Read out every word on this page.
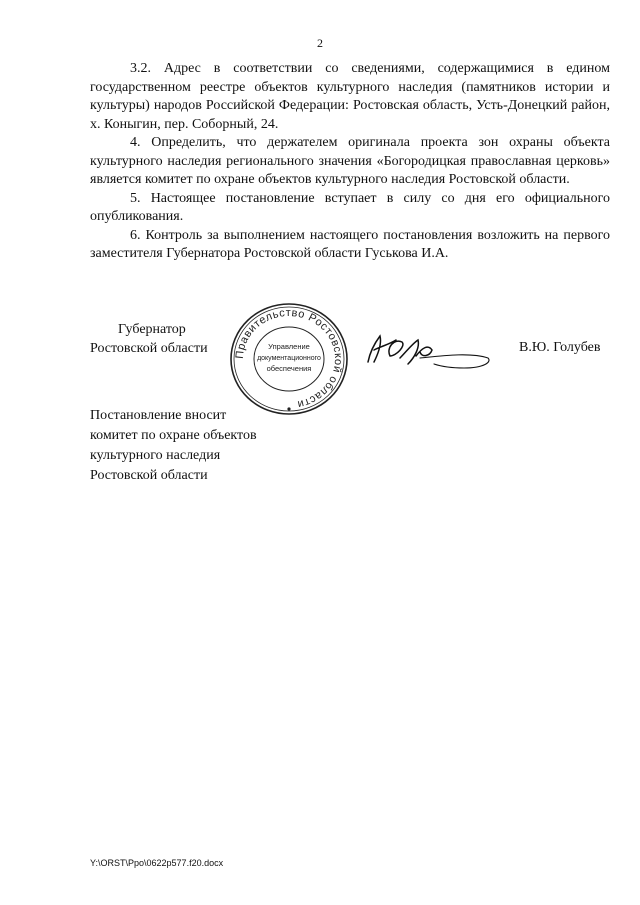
2

3.2. Адрес в соответствии со сведениями, содержащимися в едином государственном реестре объектов культурного наследия (памятников истории и культуры) народов Российской Федерации: Ростовская область, Усть-Донецкий район, х. Коныгин, пер. Соборный, 24.

4. Определить, что держателем оригинала проекта зон охраны объекта культурного наследия регионального значения «Богородицкая православная церковь» является комитет по охране объектов культурного наследия Ростовской области.

5. Настоящее постановление вступает в силу со дня его официального опубликования.

6. Контроль за выполнением настоящего постановления возложить на первого заместителя Губернатора Ростовской области Гуськова И.А.

Губернатор
Ростовской области	Правительство Ростовской области
Управление
документационного
обеспечения
В.Ю. Голубев
Постановление вносит
комитет по охране объектов
культурного наследия
Ростовской области
Y:\ORST\Ppo\0622p577.f20.docx
